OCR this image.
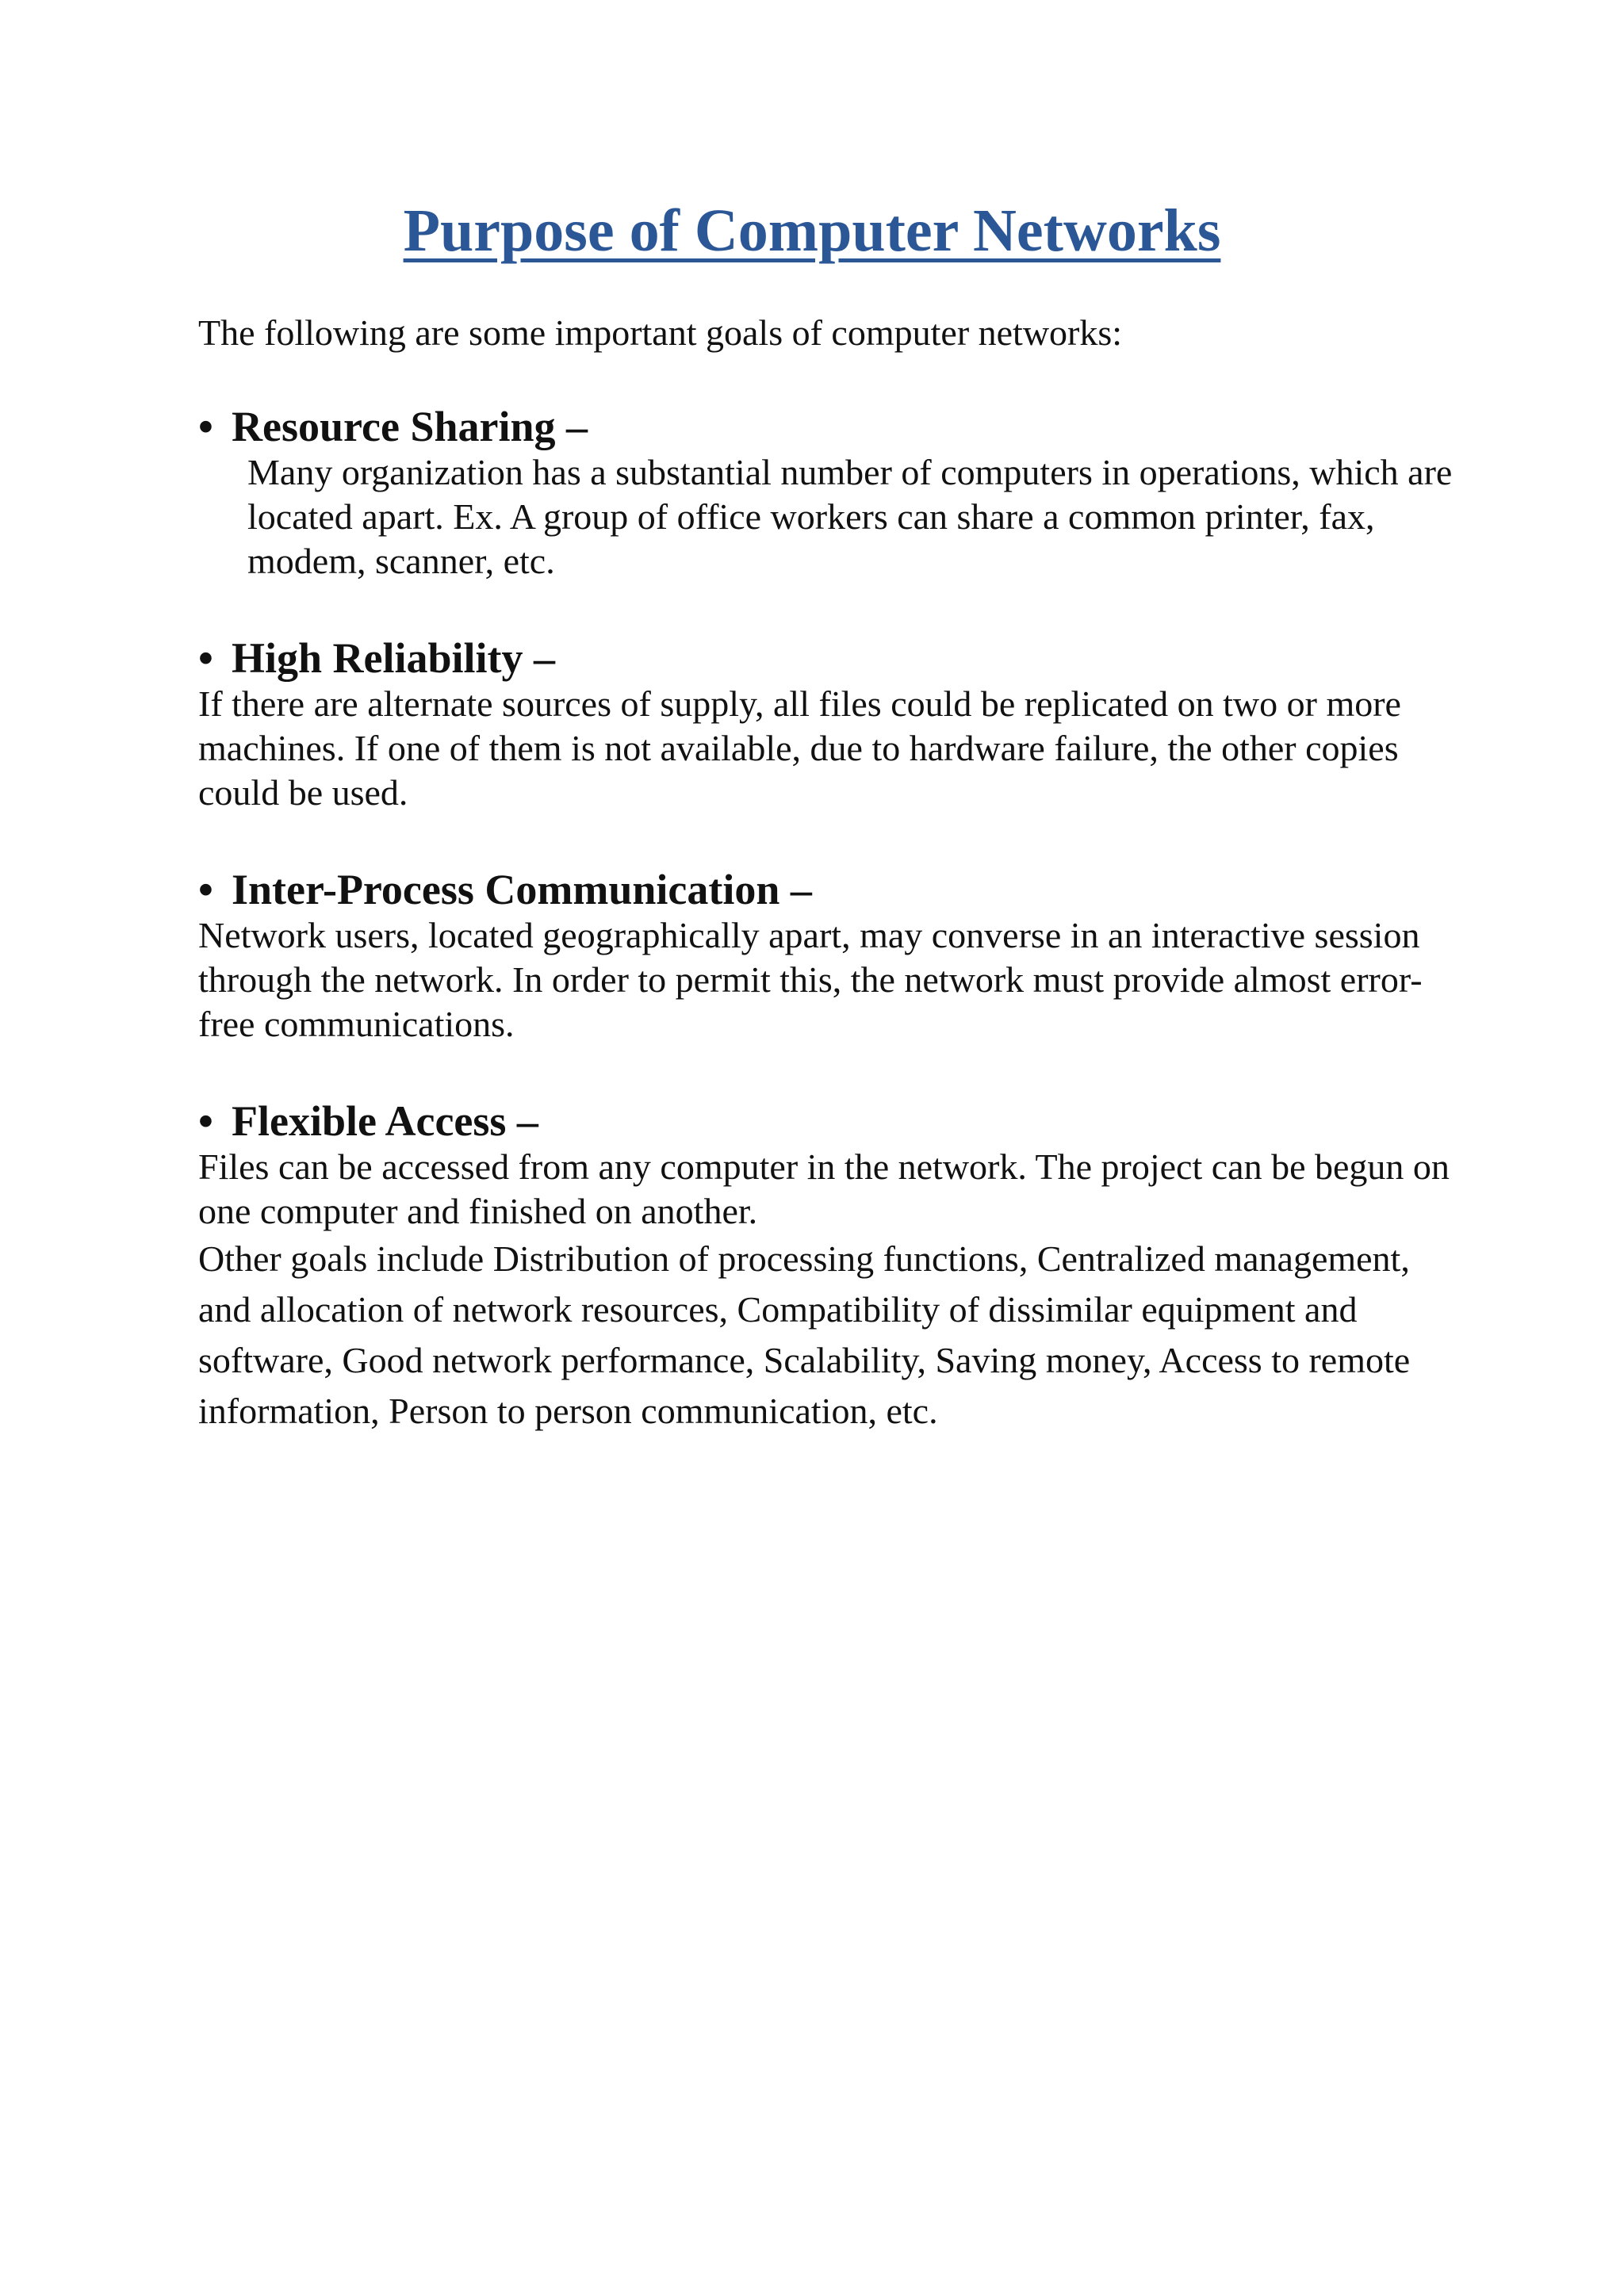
Purpose of Computer Networks

The following are some important goals of computer networks:

• Resource Sharing –

Many organization has a substantial number of computers in operations, which are located apart. Ex. A group of office workers can share a common printer, fax, modem, scanner, etc.

• High Reliability –

If there are alternate sources of supply, all files could be replicated on two or more machines. If one of them is not available, due to hardware failure, the other copies could be used.

• Inter-Process Communication –

Network users, located geographically apart, may converse in an interactive session through the network. In order to permit this, the network must provide almost error-free communications.

• Flexible Access –

Files can be accessed from any computer in the network. The project can be begun on one computer and finished on another.

Other goals include Distribution of processing functions, Centralized management, and allocation of network resources, Compatibility of dissimilar equipment and software, Good network performance, Scalability, Saving money, Access to remote information, Person to person communication, etc.
